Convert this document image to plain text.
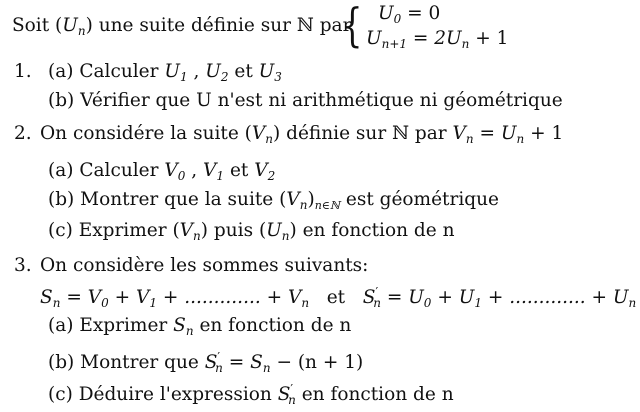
Soit $(U_n)$ une suite définie sur ℕ par
{ $U_0 = 0$
$U_{n+1} = 2U_n + 1$
1. (a) Calculer $U_1$ , $U_2$ et $U_3$
(b) Vérifier que U n'est ni arithmétique ni géométrique
2. On considére la suite $(V_n)$ définie sur ℕ par $V_n = U_n + 1$
(a) Calculer $V_0$ , $V_1$ et $V_2$
(b) Montrer que la suite $(V_n)_{n\in ℕ}$ est géométrique
(c) Exprimer $(V_n)$ puis $(U_n)$ en fonction de n
3. On considère les sommes suivants:
$S_n = V_0 + V_1$ + ............. + $V_n$ et $S'_n = U_0 + U_1$ + ............. + $U_n$
(a) Exprimer $S_n$ en fonction de n
(b) Montrer que $S'_n = S_n - (n + 1)$
(c) Déduire l'expression $S'_n$ en fonction de n
